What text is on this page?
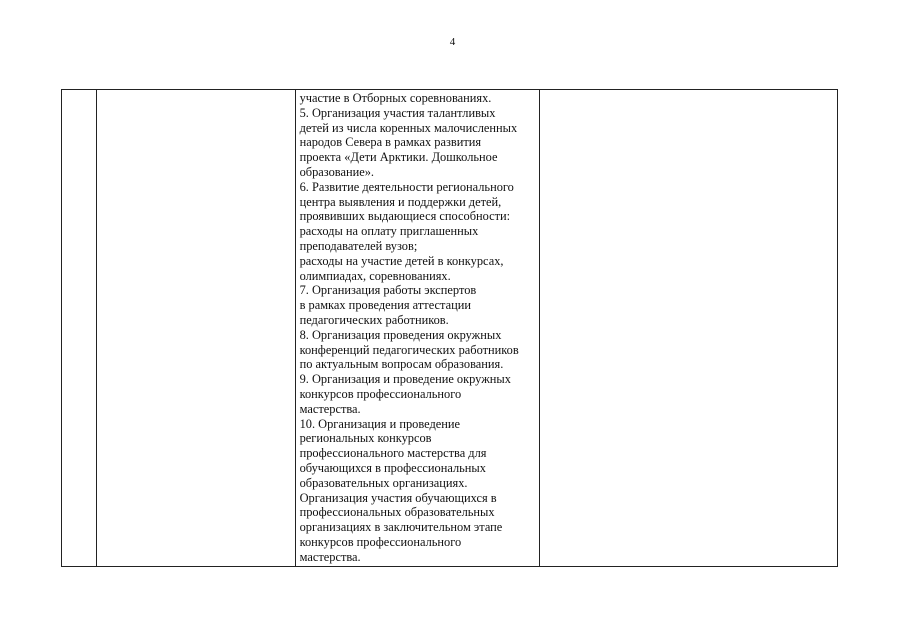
4

участие в Отборных соревнованиях.
5. Организация участия талантливых
детей из числа коренных малочисленных
народов Севера в рамках развития
проекта «Дети Арктики. Дошкольное
образование».
6. Развитие деятельности регионального
центра выявления и поддержки детей,
проявивших выдающиеся способности:
расходы на оплату приглашенных
преподавателей вузов;
расходы на участие детей в конкурсах,
олимпиадах, соревнованиях.
7. Организация работы экспертов
в рамках проведения аттестации
педагогических работников.
8. Организация проведения окружных
конференций педагогических работников
по актуальным вопросам образования.
9. Организация и проведение окружных
конкурсов профессионального
мастерства.
10. Организация и проведение
региональных конкурсов
профессионального мастерства для
обучающихся в профессиональных
образовательных организациях.
Организация участия обучающихся в
профессиональных образовательных
организациях в заключительном этапе
конкурсов профессионального
мастерства.
